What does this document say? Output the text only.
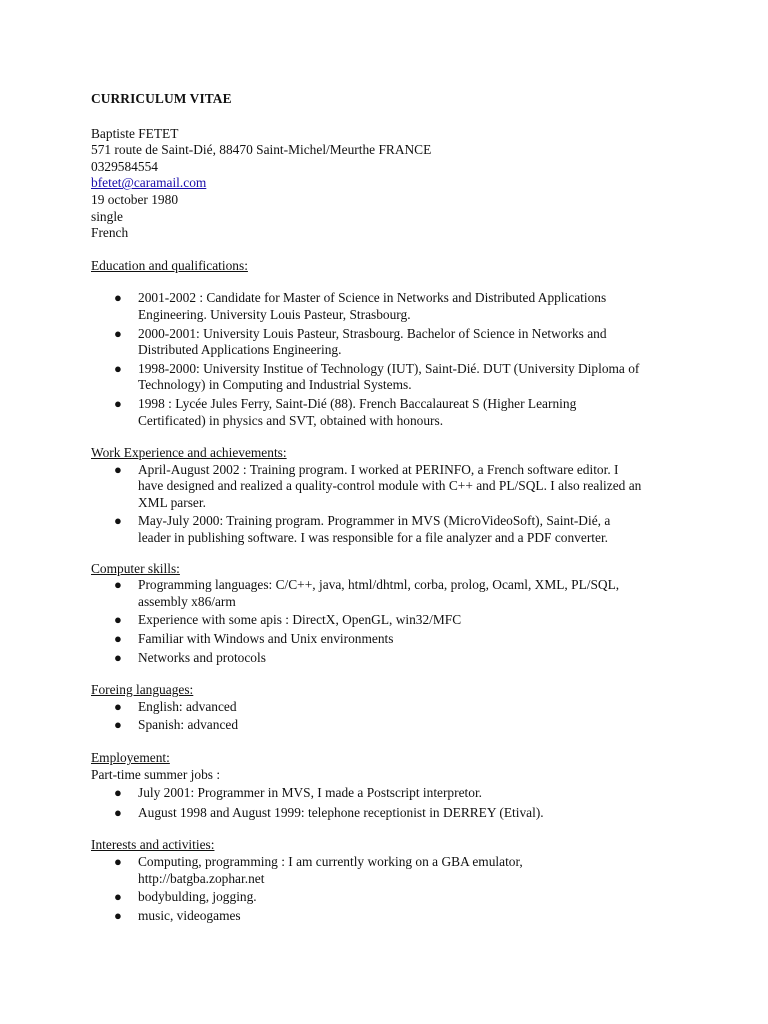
CURRICULUM VITAE
Baptiste FETET
571 route de Saint-Dié, 88470 Saint-Michel/Meurthe FRANCE
0329584554
bfetet@caramail.com
19 october 1980
single
French
Education and qualifications:
● 2001-2002 : Candidate for Master of Science in Networks and Distributed Applications
Engineering. University Louis Pasteur, Strasbourg.
● 2000-2001: University Louis Pasteur, Strasbourg. Bachelor of Science in Networks and
Distributed Applications Engineering.
● 1998-2000: University Institue of Technology (IUT), Saint-Dié. DUT (University Diploma of
Technology) in Computing and Industrial Systems.
● 1998 : Lycée Jules Ferry, Saint-Dié (88). French Baccalaureat S (Higher Learning
Certificated) in physics and SVT, obtained with honours.
Work Experience and achievements:
● April-August 2002 : Training program. I worked at PERINFO, a French software editor. I
have designed and realized a quality-control module with C++ and PL/SQL. I also realized an
XML parser.
● May-July 2000: Training program. Programmer in MVS (MicroVideoSoft), Saint-Dié, a
leader in publishing software. I was responsible for a file analyzer and a PDF converter.
Computer skills:
● Programming languages: C/C++, java, html/dhtml, corba, prolog, Ocaml, XML, PL/SQL,
assembly x86/arm
● Experience with some apis : DirectX, OpenGL, win32/MFC
● Familiar with Windows and Unix environments
● Networks and protocols
Foreing languages:
● English: advanced
● Spanish: advanced
Employement:
Part-time summer jobs :
● July 2001: Programmer in MVS, I made a Postscript interpretor.
● August 1998 and August 1999: telephone receptionist in DERREY (Etival).
Interests and activities:
● Computing, programming : I am currently working on a GBA emulator,
http://batgba.zophar.net
● bodybulding, jogging.
● music, videogames
